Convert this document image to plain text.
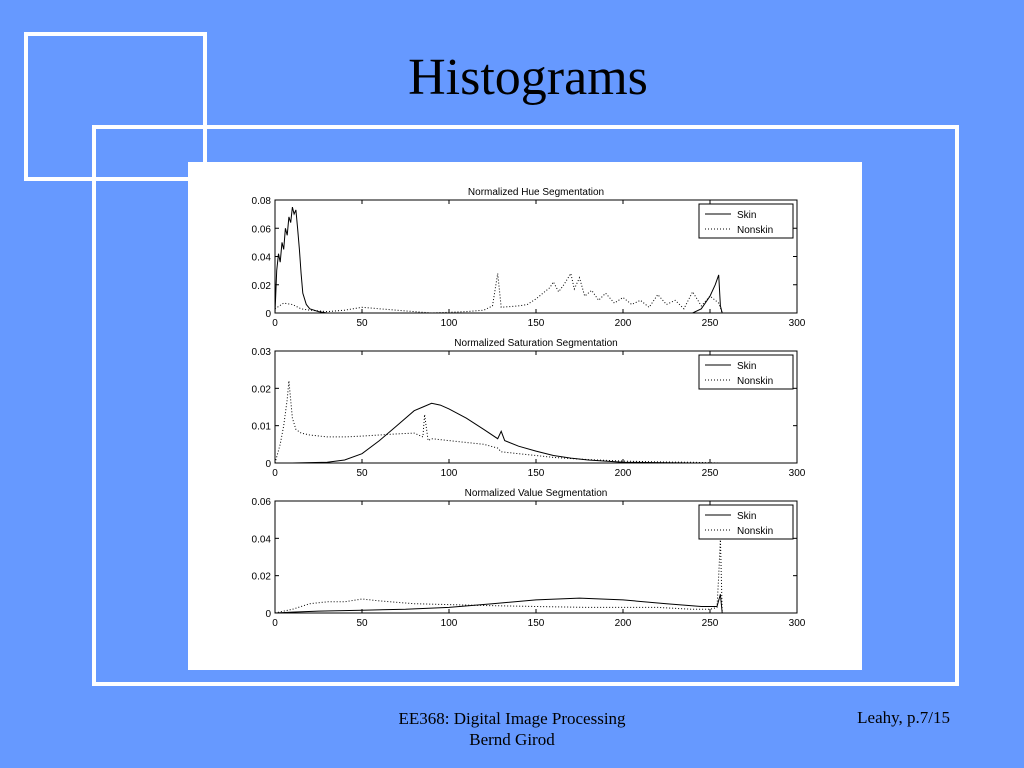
Histograms
Normalized Hue Segmentation
0	50	100	150	200	250	300
0
0.02
0.04
0.06
0.08
Skin
Nonskin
Normalized Saturation Segmentation
0	50	100	150	200	250	300
0
0.01
0.02
0.03
Skin
Nonskin
Normalized Value Segmentation
0	50	100	150	200	250	300
0
0.02
0.04
0.06
Skin
Nonskin
EE368: Digital Image Processing
Bernd Girod
Leahy, p.7/15
